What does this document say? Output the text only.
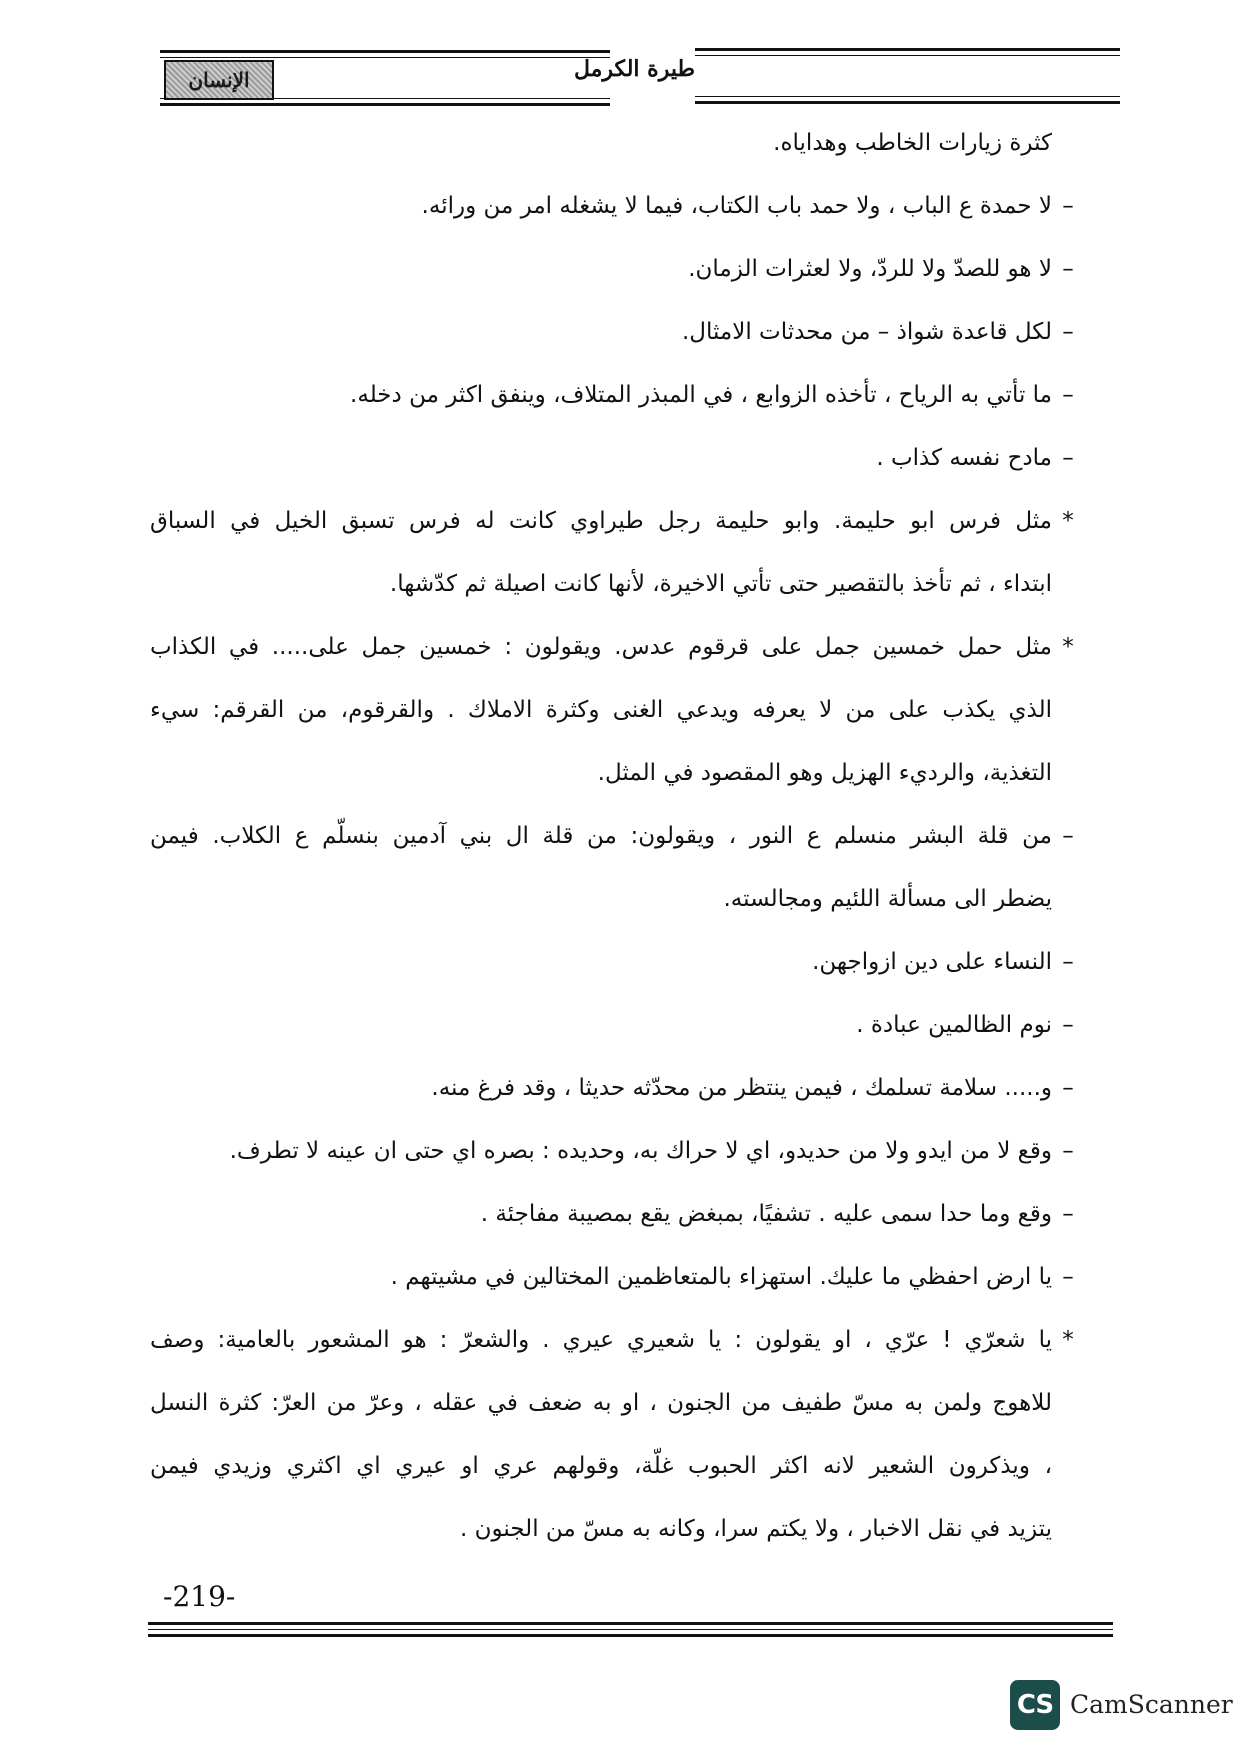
الإنسان	طيرة الكرمل
كثرة زيارات الخاطب وهداياه.
–
لا حمدة ع الباب ، ولا حمد باب الكتاب، فيما لا يشغله امر من ورائه.
–
لا هو للصدّ ولا للردّ، ولا لعثرات الزمان.
–
لكل قاعدة شواذ – من محدثات الامثال.
–
ما تأتي به الرياح ، تأخذه الزوابع ، في المبذر المتلاف، وينفق اكثر من دخله.
–
مادح نفسه كذاب .
*
مثل فرس ابو حليمة. وابو حليمة رجل طيراوي كانت له فرس تسبق الخيل في السباق
ابتداء ، ثم تأخذ بالتقصير حتى تأتي الاخيرة، لأنها كانت اصيلة ثم كدّشها.
*
مثل حمل خمسين جمل على قرقوم عدس. ويقولون : خمسين جمل على..... في الكذاب
الذي يكذب على من لا يعرفه ويدعي الغنى وكثرة الاملاك . والقرقوم، من القرقم: سيء
التغذية، والرديء الهزيل وهو المقصود في المثل.
–
من قلة البشر منسلم ع النور ، ويقولون: من قلة ال بني آدمين بنسلّم ع الكلاب. فيمن
يضطر الى مسألة اللئيم ومجالسته.
–
النساء على دين ازواجهن.
–
نوم الظالمين عبادة .
–
و..... سلامة تسلمك ، فيمن ينتظر من محدّثه حديثا ، وقد فرغ منه.
–
وقع لا من ايدو ولا من حديدو، اي لا حراك به، وحديده : بصره اي حتى ان عينه لا تطرف.
–
وقع وما حدا سمى عليه . تشفيًا، بمبغض يقع بمصيبة مفاجئة .
–
يا ارض احفظي ما عليك. استهزاء بالمتعاظمين المختالين في مشيتهم .
*
يا شعرّي ! عرّي ، او يقولون : يا شعيري عيري . والشعرّ : هو المشعور بالعامية: وصف
للاهوج ولمن به مسّ طفيف من الجنون ، او به ضعف في عقله ، وعرّ من العرّ: كثرة النسل
، ويذكرون الشعير لانه اكثر الحبوب غلّة، وقولهم عري او عيري اي اكثري وزيدي فيمن
يتزيد في نقل الاخبار ، ولا يكتم سرا، وكانه به مسّ من الجنون .
-219-
CS CamScanner
